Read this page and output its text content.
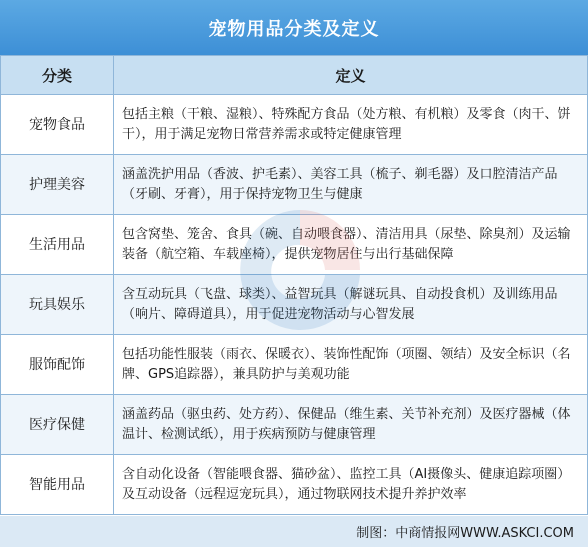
宠物用品分类及定义
分类	定义
宠物食品	包括主粮（干粮、湿粮）、特殊配方食品（处方粮、有机粮）及零食（肉干、饼干），用于满足宠物日常营养需求或特定健康管理
护理美容	涵盖洗护用品（香波、护毛素）、美容工具（梳子、剃毛器）及口腔清洁产品（牙刷、牙膏），用于保持宠物卫生与健康
生活用品	包含窝垫、笼舍、食具（碗、自动喂食器）、清洁用具（尿垫、除臭剂）及运输装备（航空箱、车载座椅），提供宠物居住与出行基础保障
玩具娱乐	含互动玩具（飞盘、球类）、益智玩具（解谜玩具、自动投食机）及训练用品（响片、障碍道具），用于促进宠物活动与心智发展
服饰配饰	包括功能性服装（雨衣、保暖衣）、装饰性配饰（项圈、领结）及安全标识（名牌、GPS追踪器），兼具防护与美观功能
医疗保健	涵盖药品（驱虫药、处方药）、保健品（维生素、关节补充剂）及医疗器械（体温计、检测试纸），用于疾病预防与健康管理
智能用品	含自动化设备（智能喂食器、猫砂盆）、监控工具（AI摄像头、健康追踪项圈）及互动设备（远程逗宠玩具），通过物联网技术提升养护效率
制图：中商情报网WWW.ASKCI.COM
